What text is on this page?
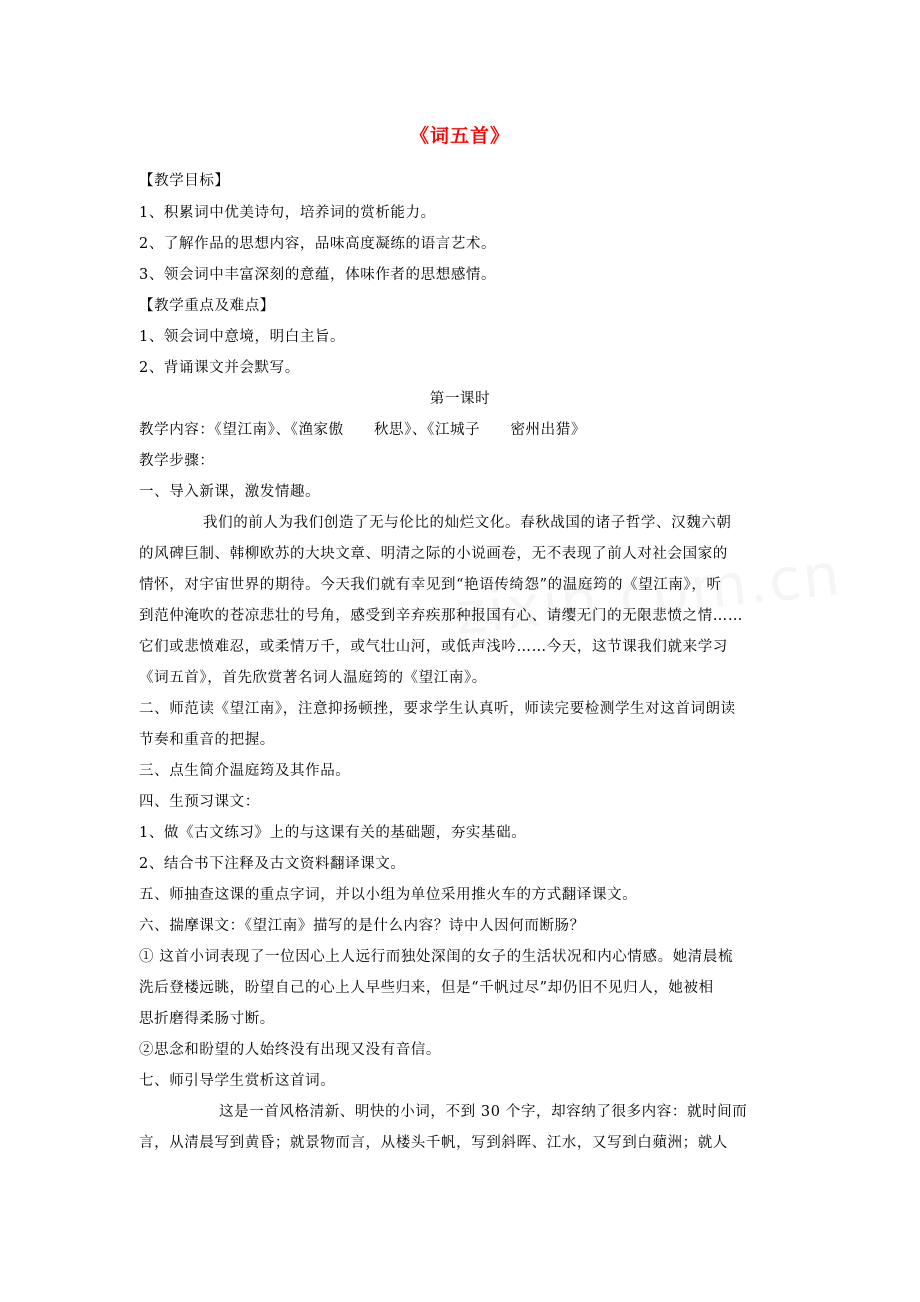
《词五首》
【教学目标】
1、积累词中优美诗句，培养词的赏析能力。
2、了解作品的思想内容，品味高度凝练的语言艺术。
3、领会词中丰富深刻的意蕴，体味作者的思想感情。
【教学重点及难点】
1、领会词中意境，明白主旨。
2、背诵课文并会默写。
第一课时
教学内容：《望江南》、《渔家傲　　秋思》、《江城子　　密州出猎》
教学步骤：
一、导入新课，激发情趣。
我们的前人为我们创造了无与伦比的灿烂文化。春秋战国的诸子哲学、汉魏六朝
的风碑巨制、韩柳欧苏的大块文章、明清之际的小说画卷，无不表现了前人对社会国家的
情怀，对宇宙世界的期待。今天我们就有幸见到“艳语传绮怨”的温庭筠的《望江南》，听
到范仲淹吹的苍凉悲壮的号角，感受到辛弃疾那种报国有心、请缨无门的无限悲愤之情……
它们或悲愤难忍，或柔情万千，或气壮山河，或低声浅吟……今天，这节课我们就来学习
《词五首》，首先欣赏著名词人温庭筠的《望江南》。
二、师范读《望江南》，注意抑扬顿挫，要求学生认真听，师读完要检测学生对这首词朗读
节奏和重音的把握。
三、点生简介温庭筠及其作品。
四、生预习课文：
1、做《古文练习》上的与这课有关的基础题，夯实基础。
2、结合书下注释及古文资料翻译课文。
五、师抽查这课的重点字词，并以小组为单位采用推火车的方式翻译课文。
六、揣摩课文：《望江南》描写的是什么内容？诗中人因何而断肠？
① 这首小词表现了一位因心上人远行而独处深闺的女子的生活状况和内心情感。她清晨梳
洗后登楼远眺，盼望自己的心上人早些归来，但是“千帆过尽”却仍旧不见归人，她被相
思折磨得柔肠寸断。
②思念和盼望的人始终没有出现又没有音信。
七、师引导学生赏析这首词。
这是一首风格清新、明快的小词，不到 30 个字，却容纳了很多内容：就时间而
言，从清晨写到黄昏；就景物而言，从楼头千帆，写到斜晖、江水，又写到白蘋洲；就人
